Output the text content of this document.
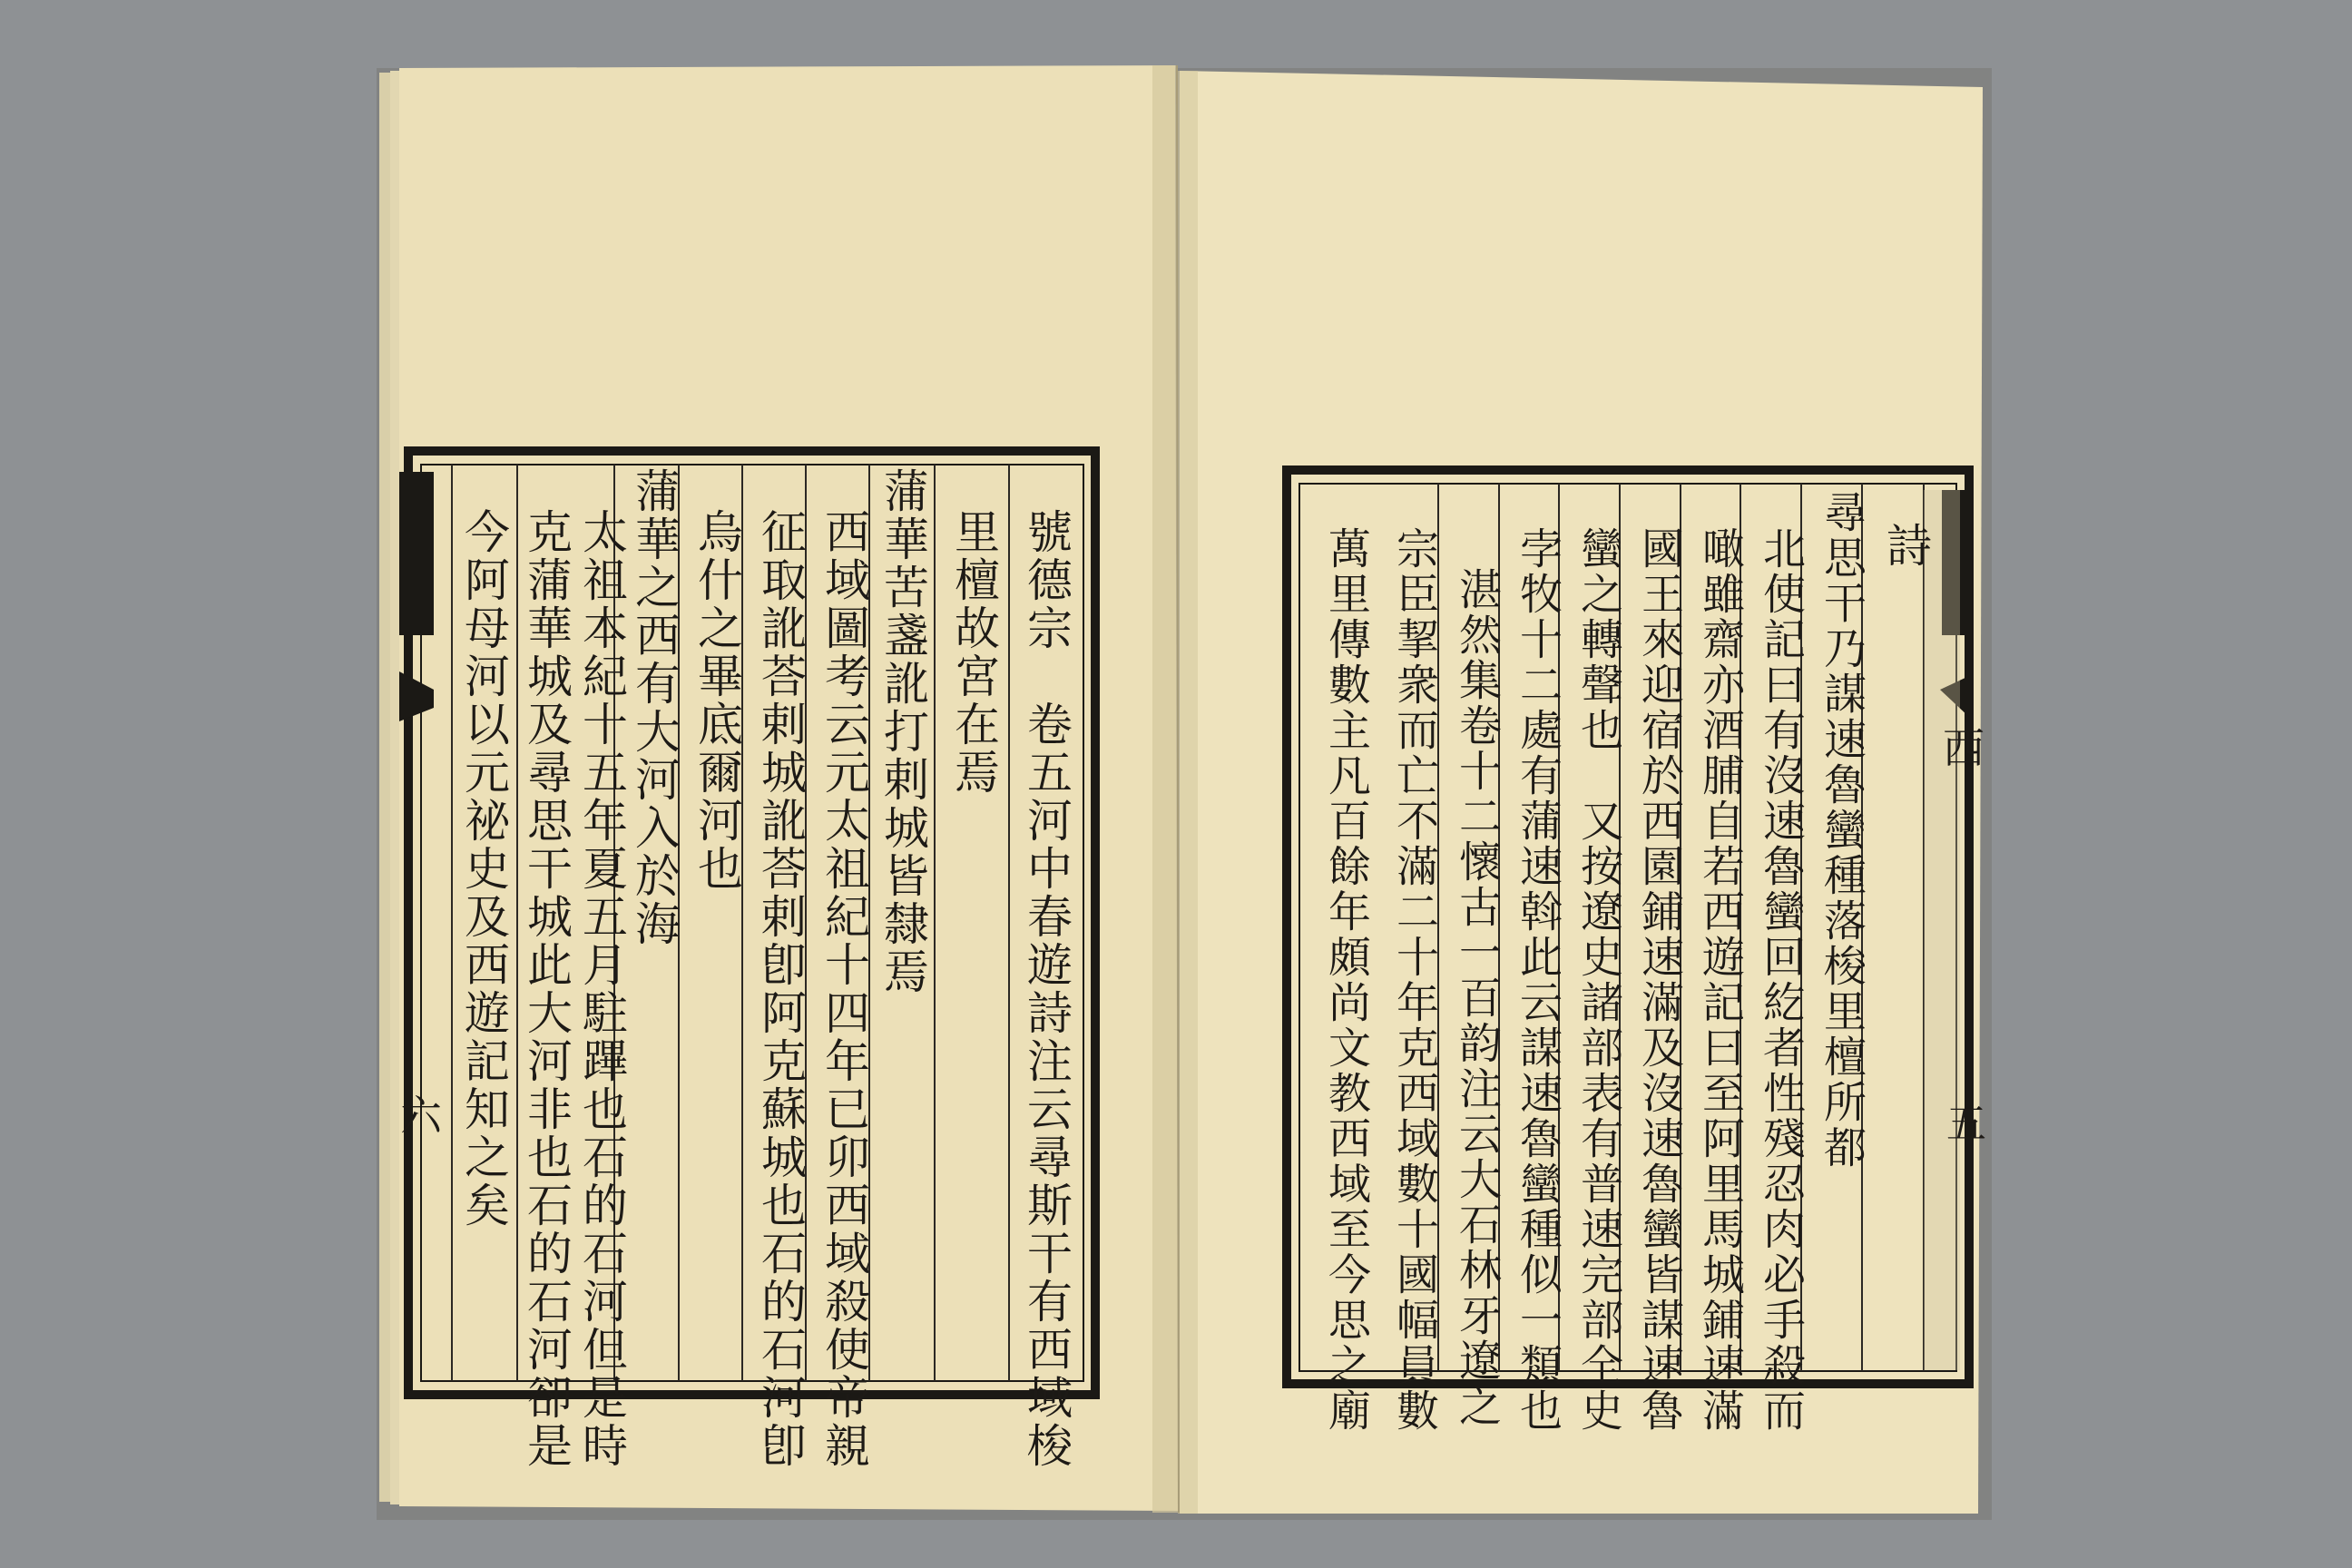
號德宗　卷五河中春遊詩注云尋斯干有西域梭
里檀故宮在焉
蒲華苦盞訛打剌城皆隸焉
西域圖考云元太祖紀十四年已卯西域殺使帝親
征取訛荅剌城訛荅剌卽阿克蘇城也石的石河卽
烏什之畢底爾河也
蒲華之西有大河入於海
太祖本紀十五年夏五月駐蹕也石的石河但是時
克蒲華城及尋思干城此大河非也石的石河卻是
今阿母河以元祕史及西遊記知之矣
六
詩
尋思干乃謀速魯蠻種落梭里檀所都
北使記曰有沒速魯蠻回紇者性殘忍肉必手殺而
噉雖齋亦酒脯自若西遊記曰至阿里馬城鋪速滿
國王來迎宿於西園鋪速滿及沒速魯蠻皆謀速魯
蠻之轉聲也　又按遼史諸部表有普速完部全史
孛牧十二處有蒲速斡此云謀速魯蠻種似一類也
湛然集卷十二懷古一百韵注云大石林牙遼之
宗臣挈衆而亡不滿二十年克西域數十國幅員數
萬里傳數主凡百餘年頗尚文教西域至今思之廟	西
五
